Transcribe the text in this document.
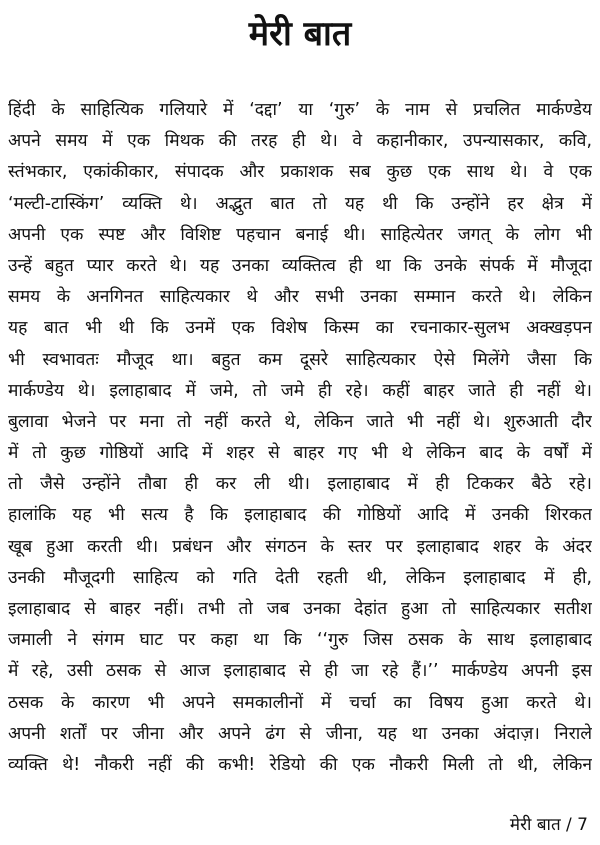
मेरी बात
हिंदी के साहित्यिक गलियारे में ‘दद्दा’ या ‘गुरु’ के नाम से प्रचलित मार्कण्डेय
अपने समय में एक मिथक की तरह ही थे। वे कहानीकार, उपन्यासकार, कवि,
स्तंभकार, एकांकीकार, संपादक और प्रकाशक सब कुछ एक साथ थे। वे एक
‘मल्टी-टास्किंग’ व्यक्ति थे। अद्भुत बात तो यह थी कि उन्होंने हर क्षेत्र में
अपनी एक स्पष्ट और विशिष्ट पहचान बनाई थी। साहित्येतर जगत् के लोग भी
उन्हें बहुत प्यार करते थे। यह उनका व्यक्तित्व ही था कि उनके संपर्क में मौजूदा
समय के अनगिनत साहित्यकार थे और सभी उनका सम्मान करते थे। लेकिन
यह बात भी थी कि उनमें एक विशेष किस्म का रचनाकार-सुलभ अक्खड़पन
भी स्वभावतः मौजूद था। बहुत कम दूसरे साहित्यकार ऐसे मिलेंगे जैसा कि
मार्कण्डेय थे। इलाहाबाद में जमे, तो जमे ही रहे। कहीं बाहर जाते ही नहीं थे।
बुलावा भेजने पर मना तो नहीं करते थे, लेकिन जाते भी नहीं थे। शुरुआती दौर
में तो कुछ गोष्ठियों आदि में शहर से बाहर गए भी थे लेकिन बाद के वर्षों में
तो जैसे उन्होंने तौबा ही कर ली थी। इलाहाबाद में ही टिककर बैठे रहे।
हालांकि यह भी सत्य है कि इलाहाबाद की गोष्ठियों आदि में उनकी शिरकत
खूब हुआ करती थी। प्रबंधन और संगठन के स्तर पर इलाहाबाद शहर के अंदर
उनकी मौजूदगी साहित्य को गति देती रहती थी, लेकिन इलाहाबाद में ही,
इलाहाबाद से बाहर नहीं। तभी तो जब उनका देहांत हुआ तो साहित्यकार सतीश
जमाली ने संगम घाट पर कहा था कि ‘‘गुरु जिस ठसक के साथ इलाहाबाद
में रहे, उसी ठसक से आज इलाहाबाद से ही जा रहे हैं।’’ मार्कण्डेय अपनी इस
ठसक के कारण भी अपने समकालीनों में चर्चा का विषय हुआ करते थे।
अपनी शर्तों पर जीना और अपने ढंग से जीना, यह था उनका अंदाज़। निराले
व्यक्ति थे! नौकरी नहीं की कभी! रेडियो की एक नौकरी मिली तो थी, लेकिन
मेरी बात / 7
